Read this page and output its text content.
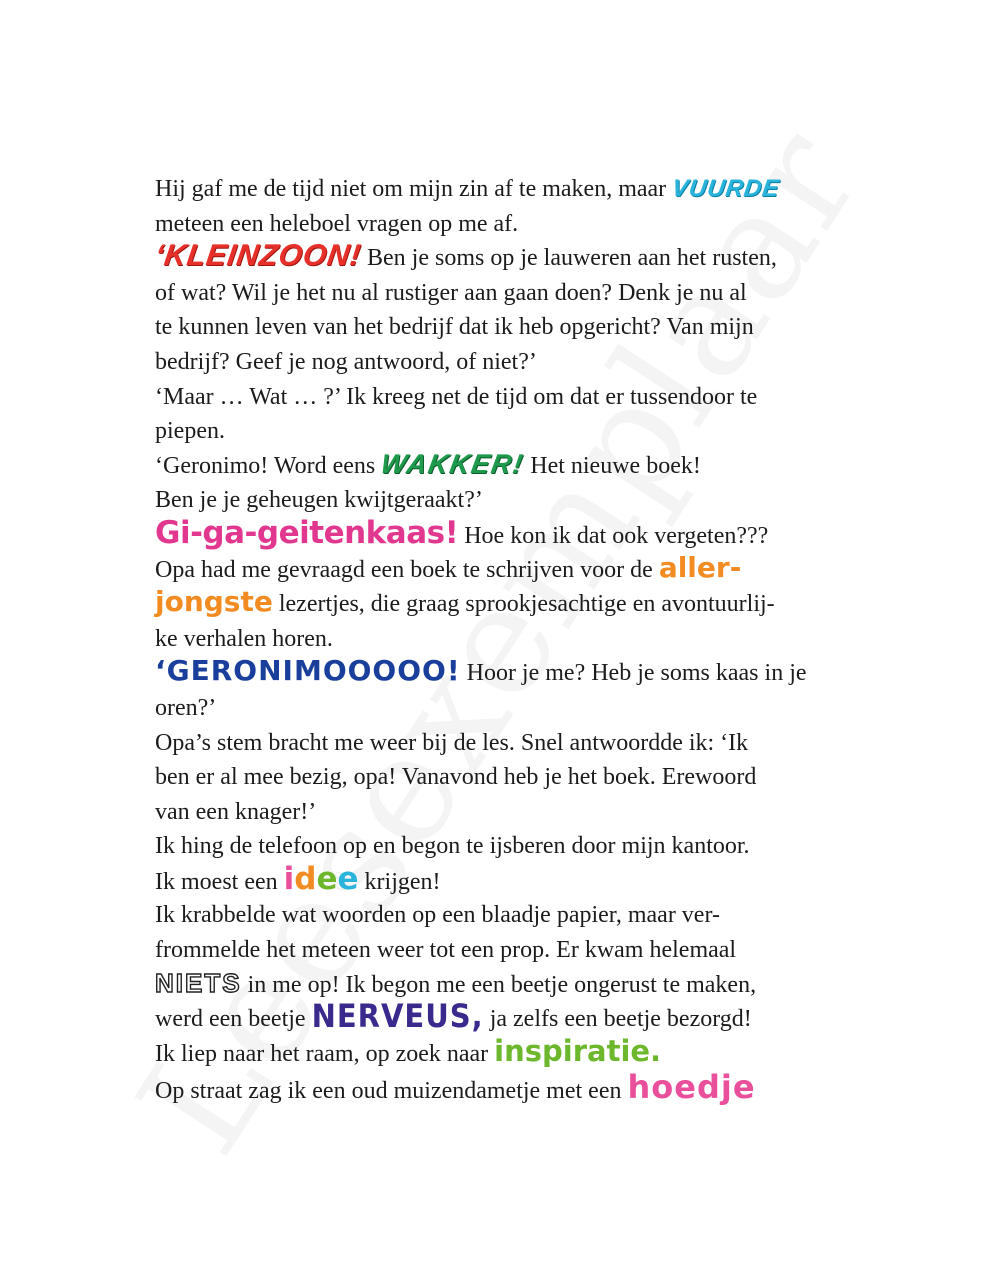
Hij gaf me de tijd niet om mijn zin af te maken, maar VUURDE
meteen een heleboel vragen op me af.
‘KLEINZOON! Ben je soms op je lauweren aan het rusten,
of wat? Wil je het nu al rustiger aan gaan doen? Denk je nu al
te kunnen leven van het bedrijf dat ik heb opgericht? Van mijn
bedrijf? Geef je nog antwoord, of niet?’
‘Maar … Wat … ?’ Ik kreeg net de tijd om dat er tussendoor te
piepen.
‘Geronimo! Word eens WAKKER! Het nieuwe boek!
Ben je je geheugen kwijtgeraakt?’
Gi-ga-geitenkaas! Hoe kon ik dat ook vergeten???
Opa had me gevraagd een boek te schrijven voor de aller-
jongste lezertjes, die graag sprookjesachtige en avontuurlij-
ke verhalen horen.
‘GERONIMOOOOO! Hoor je me? Heb je soms kaas in je
oren?’
Opa’s stem bracht me weer bij de les. Snel antwoordde ik: ‘Ik
ben er al mee bezig, opa! Vanavond heb je het boek. Erewoord
van een knager!’
Ik hing de telefoon op en begon te ijsberen door mijn kantoor.
Ik moest een idee krijgen!
Ik krabbelde wat woorden op een blaadje papier, maar ver-
frommelde het meteen weer tot een prop. Er kwam helemaal
NIETS in me op! Ik begon me een beetje ongerust te maken,
werd een beetje NERVEUS, ja zelfs een beetje bezorgd!
Ik liep naar het raam, op zoek naar inspiratie.
Op straat zag ik een oud muizendametje met een hoedje
